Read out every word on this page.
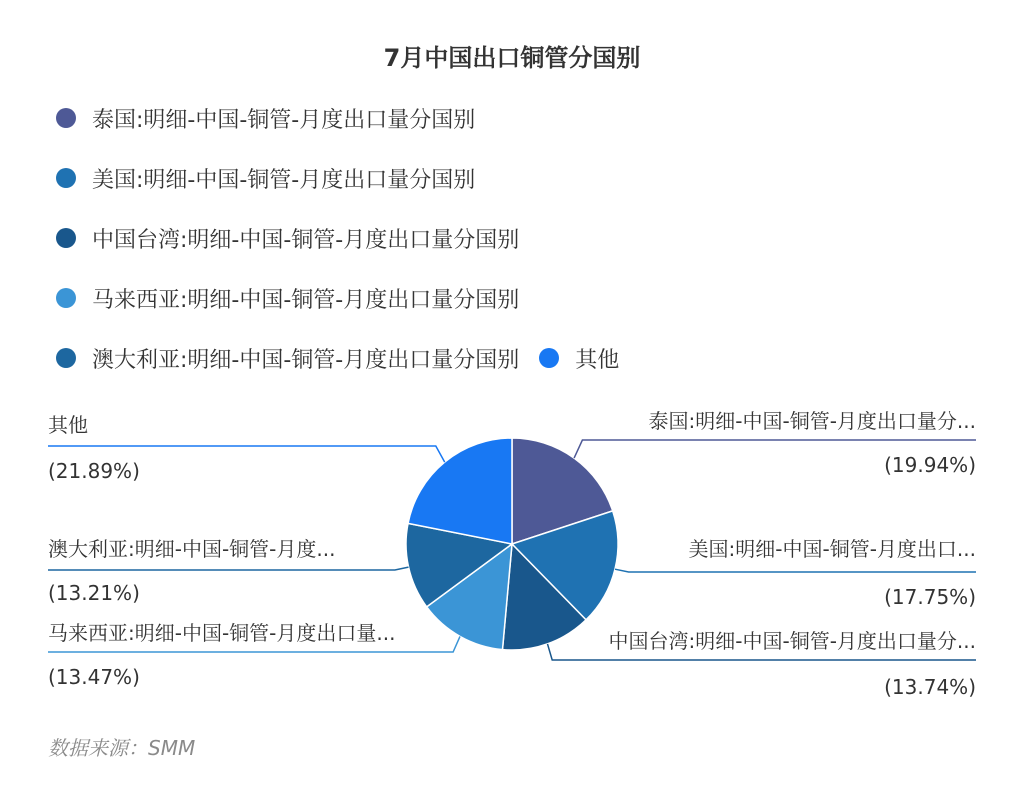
7月中国出口铜管分国别
泰国:明细-中国-铜管-月度出口量分国别
美国:明细-中国-铜管-月度出口量分国别
中国台湾:明细-中国-铜管-月度出口量分国别
马来西亚:明细-中国-铜管-月度出口量分国别
澳大利亚:明细-中国-铜管-月度出口量分国别	其他
泰国:明细-中国-铜管-月度出口量分...
(19.94%)
美国:明细-中国-铜管-月度出口...
(17.75%)
中国台湾:明细-中国-铜管-月度出口量分...
(13.74%)
马来西亚:明细-中国-铜管-月度出口量...
(13.47%)
澳大利亚:明细-中国-铜管-月度...
(13.21%)
其他
(21.89%)
数据来源：SMM
